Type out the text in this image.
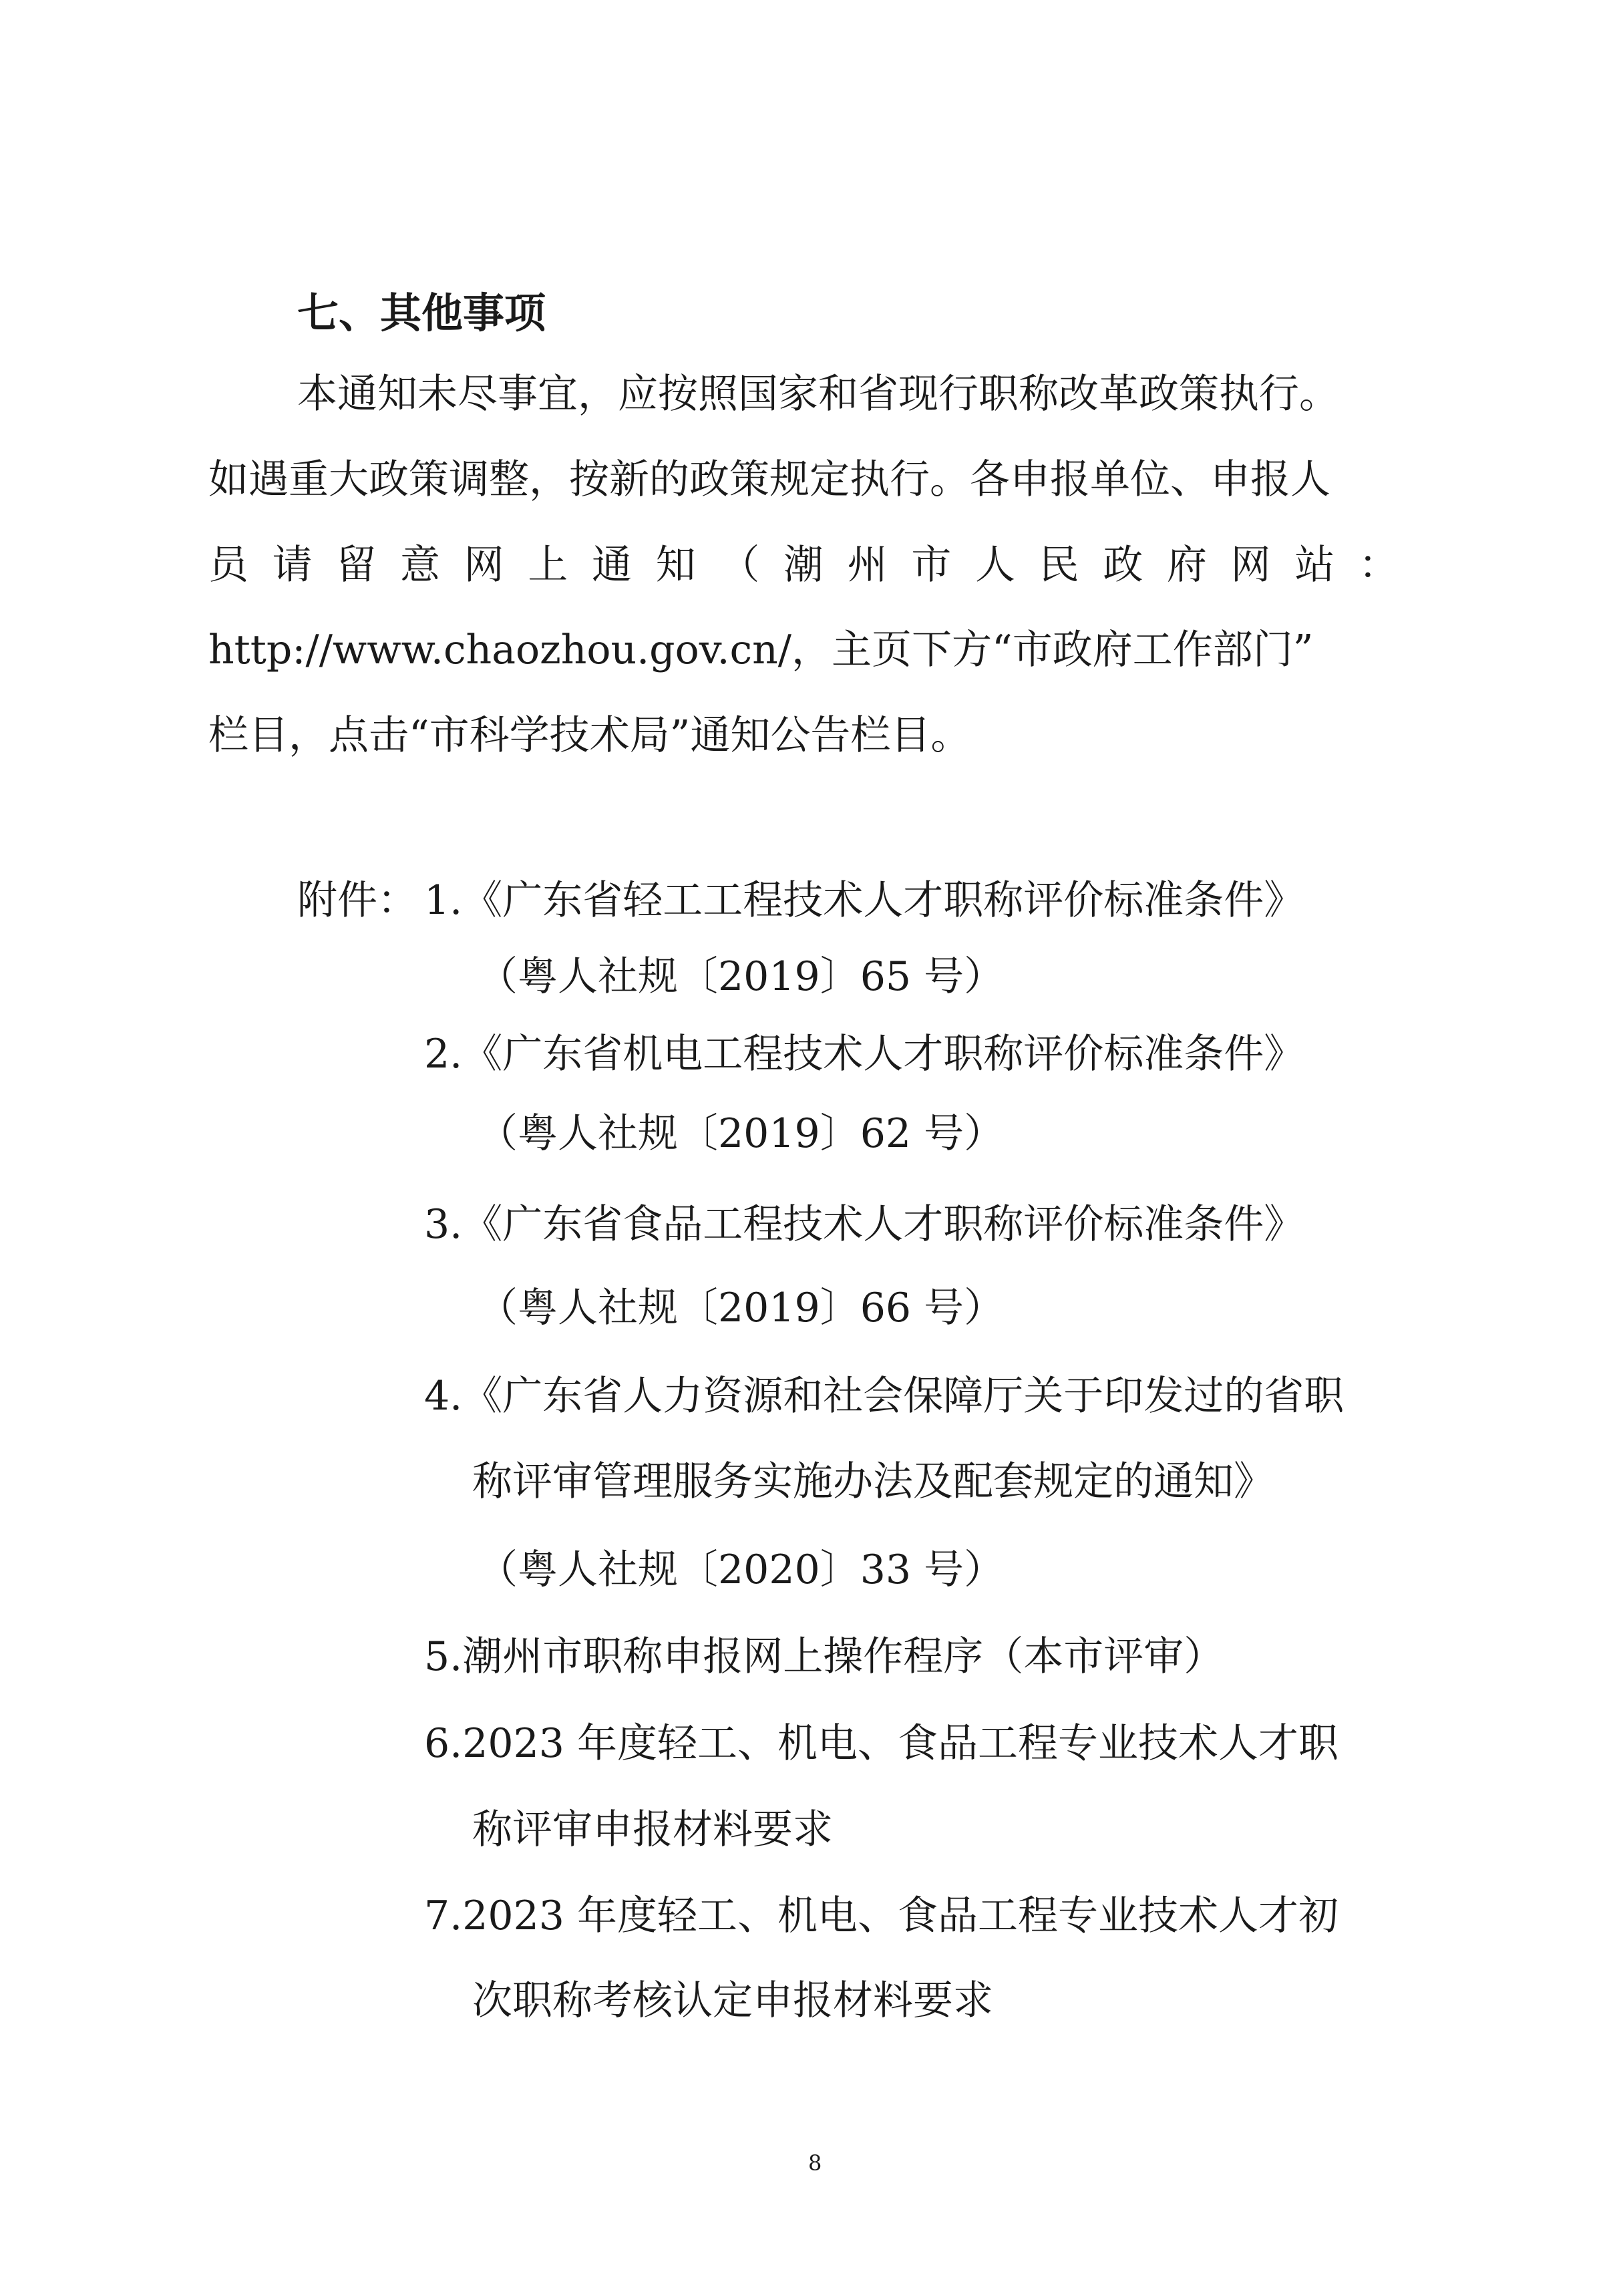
七、其他事项
本通知未尽事宜，应按照国家和省现行职称改革政策执行。
如遇重大政策调整，按新的政策规定执行。各申报单位、申报人
员请留意网上通知（潮州市人民政府网站：
http://www.chaozhou.gov.cn/，主页下方“市政府工作部门”
栏目，点击“市科学技术局”通知公告栏目。
附件： 1.《广东省轻工工程技术人才职称评价标准条件》
（粤人社规〔2019〕65 号）
2.《广东省机电工程技术人才职称评价标准条件》
（粤人社规〔2019〕62 号）
3.《广东省食品工程技术人才职称评价标准条件》
（粤人社规〔2019〕66 号）
4.《广东省人力资源和社会保障厅关于印发过的省职
称评审管理服务实施办法及配套规定的通知》
（粤人社规〔2020〕33 号）
5.潮州市职称申报网上操作程序（本市评审）
6.2023 年度轻工、机电、食品工程专业技术人才职
称评审申报材料要求
7.2023 年度轻工、机电、食品工程专业技术人才初
次职称考核认定申报材料要求
8
